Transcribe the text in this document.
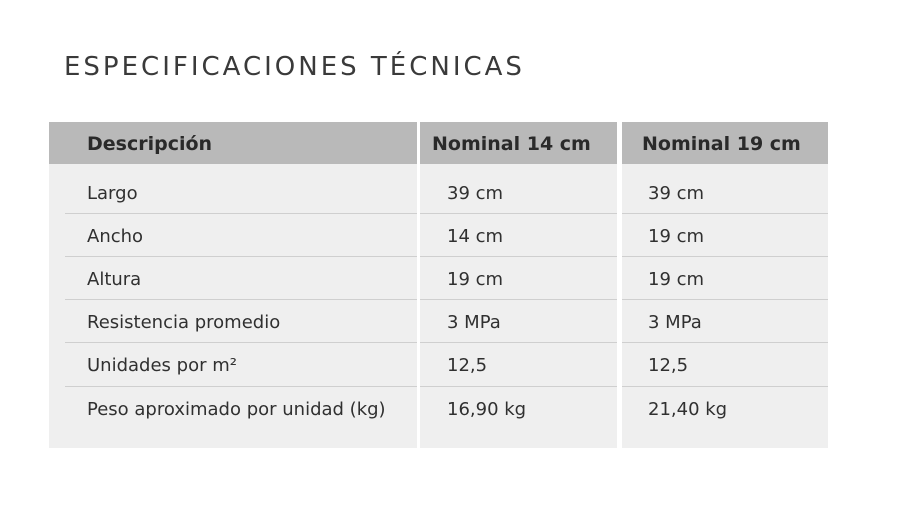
ESPECIFICACIONES TÉCNICAS
Descripción
Largo
Ancho
Altura
Resistencia promedio
Unidades por m²
Peso aproximado por unidad (kg)
Nominal 14 cm
39 cm
14 cm
19 cm
3 MPa
12,5
16,90 kg
Nominal 19 cm
39 cm
19 cm
19 cm
3 MPa
12,5
21,40 kg
